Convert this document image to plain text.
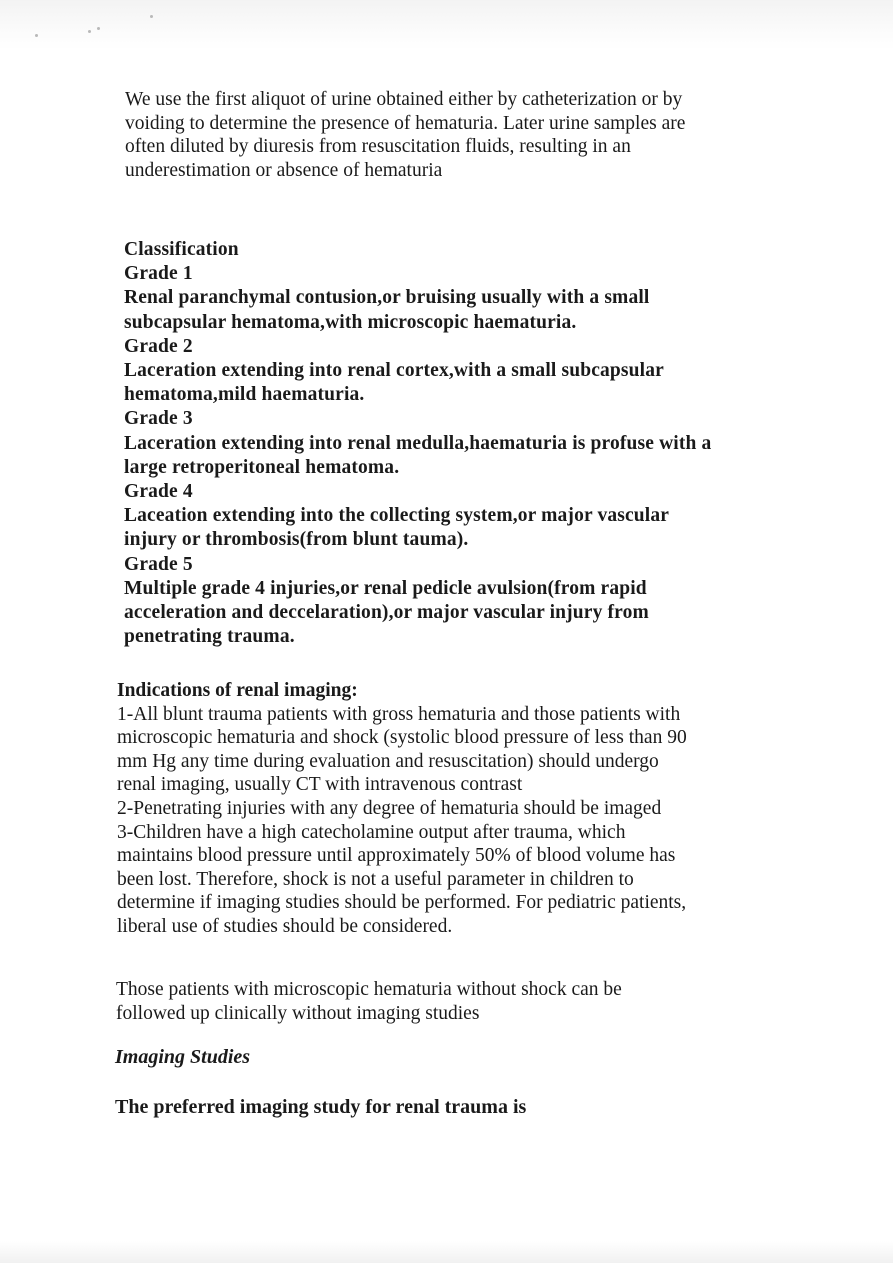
We use the first aliquot of urine obtained either by catheterization or by

voiding to determine the presence of hematuria. Later urine samples are

often diluted by diuresis from resuscitation fluids, resulting in an

underestimation or absence of hematuria

Classification

Grade 1

Renal paranchymal contusion,or bruising usually with a small

subcapsular hematoma,with microscopic haematuria.

Grade 2

Laceration extending into renal cortex,with a small subcapsular

hematoma,mild haematuria.

Grade 3

Laceration extending into renal medulla,haematuria is profuse with a

large retroperitoneal hematoma.

Grade 4

Laceation extending into the collecting system,or major vascular

injury or thrombosis(from blunt tauma).

Grade 5

Multiple grade 4 injuries,or renal pedicle avulsion(from rapid

acceleration and deccelaration),or major vascular injury from

penetrating trauma.

Indications of renal imaging:

1-All blunt trauma patients with gross hematuria and those patients with

microscopic hematuria and shock (systolic blood pressure of less than 90

mm Hg any time during evaluation and resuscitation) should undergo

renal imaging, usually CT with intravenous contrast

2-Penetrating injuries with any degree of hematuria should be imaged

3-Children have a high catecholamine output after trauma, which

maintains blood pressure until approximately 50% of blood volume has

been lost. Therefore, shock is not a useful parameter in children to

determine if imaging studies should be performed. For pediatric patients,

liberal use of studies should be considered.

Those patients with microscopic hematuria without shock can be

followed up clinically without imaging studies

Imaging Studies

The preferred imaging study for renal trauma is
